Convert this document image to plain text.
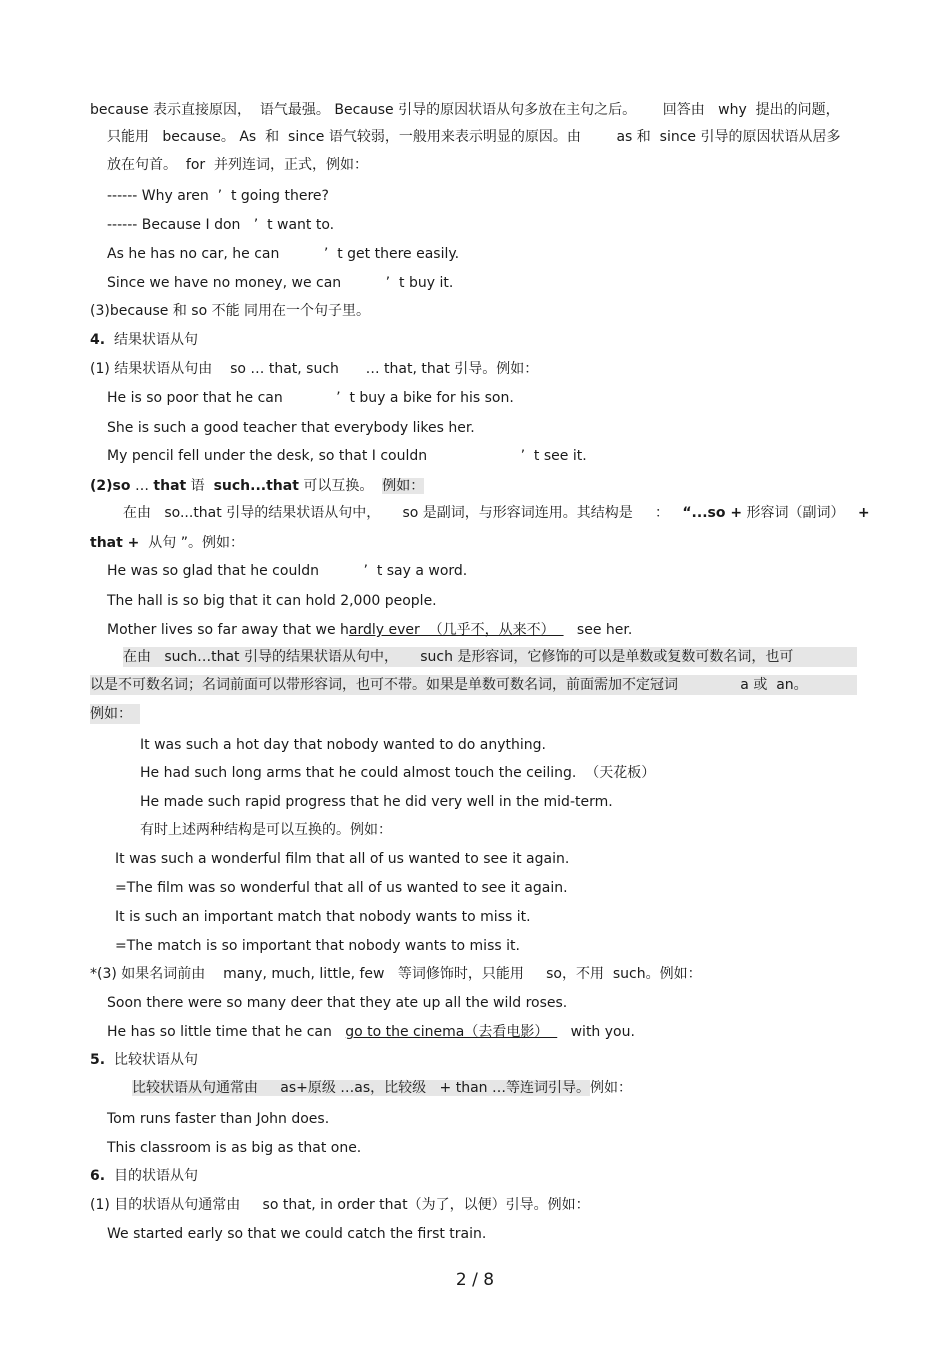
because 表示直接原因，  语气最强。 Because 引导的原因状语从句多放在主句之后。      回答由   why  提出的问题，
只能用   because。 As  和  since 语气较弱，一般用来表示明显的原因。由        as 和  since 引导的原因状语从居多
放在句首。  for  并列连词，正式，例如：
------ Why aren  ’  t going there?
------ Because I don   ’  t want to.
As he has no car, he can          ’  t get there easily.
Since we have no money, we can          ’  t buy it.
(3)because 和 so 不能 同用在一个句子里。
4. 结果状语从句
(1) 结果状语从句由    so … that, such      … that, that 引导。例如：
He is so poor that he can            ’  t buy a bike for his son.
She is such a good teacher that everybody likes her.
My pencil fell under the desk, so that I couldn                     ’  t see it.
(2)so … that 语  such...that 可以互换。  例如：
在由   so...that 引导的结果状语从句中，     so 是副词，与形容词连用。其结构是     ：   “...so + 形容词（副词）   +
that +  从句 ”。例如：
He was so glad that he couldn          ’  t say a word.
The hall is so big that it can hold 2,000 people.
Mother lives so far away that we hardly ever  （几乎不，从来不）     see her.
在由   such…that 引导的结果状语从句中，     such 是形容词，它修饰的可以是单数或复数可数名词，也可
以是不可数名词；名词前面可以带形容词，也可不带。如果是单数可数名词，前面需加不定冠词              a 或  an。
例如：
It was such a hot day that nobody wanted to do anything.
He had such long arms that he could almost touch the ceiling.  （天花板）
He made such rapid progress that he did very well in the mid-term.
有时上述两种结构是可以互换的。例如：
It was such a wonderful film that all of us wanted to see it again.
=The film was so wonderful that all of us wanted to see it again.
It is such an important match that nobody wants to miss it.
=The match is so important that nobody wants to miss it.
*(3) 如果名词前由    many, much, little, few   等词修饰时，只能用     so，不用  such。例如：
Soon there were so many deer that they ate up all the wild roses.
He has so little time that he can   go to the cinema（去看电影）     with you.
5. 比较状语从句
比较状语从句通常由     as+原级 …as，比较级   + than …等连词引导。例如：
Tom runs faster than John does.
This classroom is as big as that one.
6. 目的状语从句
(1) 目的状语从句通常由     so that, in order that（为了，以便）引导。例如：
We started early so that we could catch the first train.
2 / 8
